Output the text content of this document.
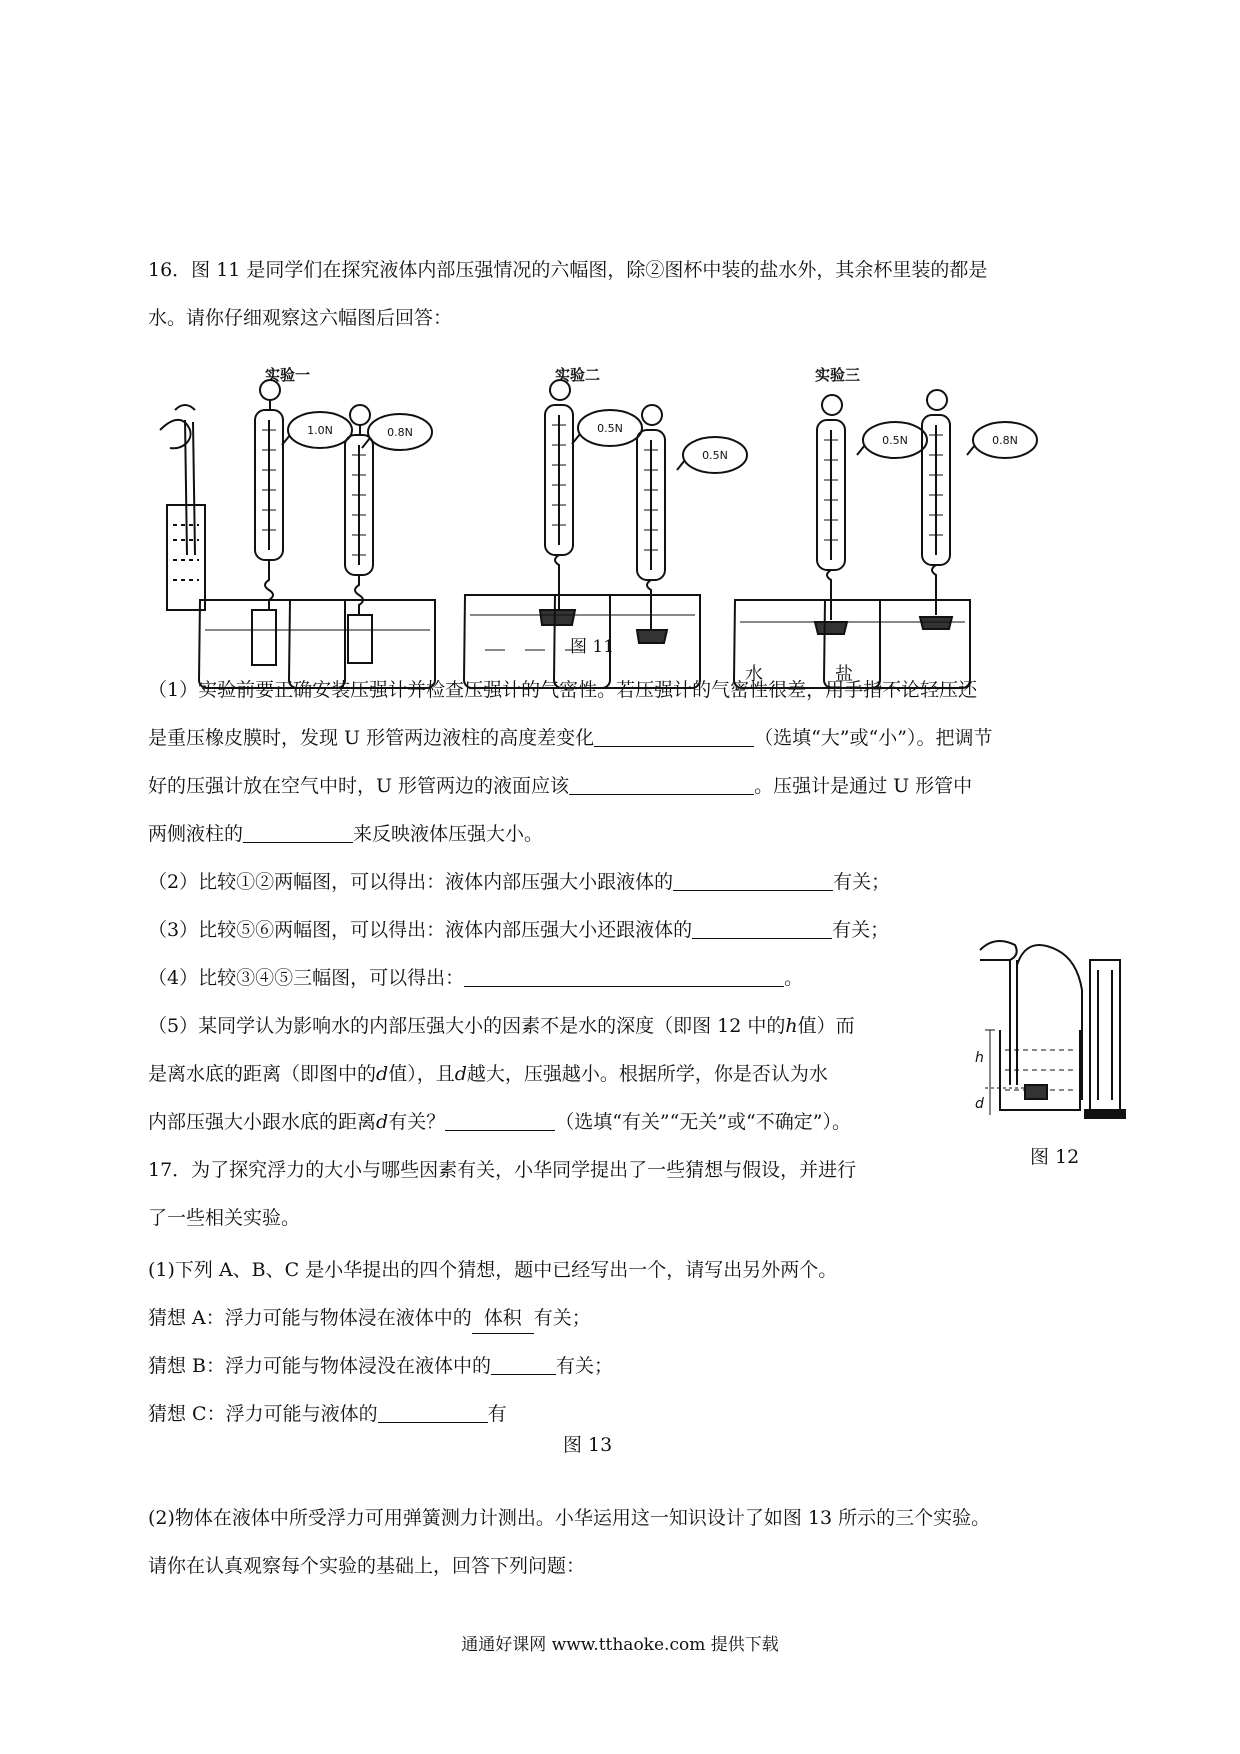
16．图 11 是同学们在探究液体内部压强情况的六幅图，除②图杯中装的盐水外，其余杯里装的都是
水。请你仔细观察这六幅图后回答：
实验一	实验二	实验三
1.0N	0.8N	0.5N
0.5N
0.5N	0.8N
水	盐
图 11
（1）实验前要正确安装压强计并检查压强计的气密性。若压强计的气密性很差，用手指不论轻压还
是重压橡皮膜时，发现 U 形管两边液柱的高度差变化	（选填“大”或“小”）。把调节
好的压强计放在空气中时，U 形管两边的液面应该	。压强计是通过 U 形管中
两侧液柱的	来反映液体压强大小。
（2）比较①②两幅图，可以得出：液体内部压强大小跟液体的	有关；
（3）比较⑤⑥两幅图，可以得出：液体内部压强大小还跟液体的	有关；
（4）比较③④⑤三幅图，可以得出：	。
（5）某同学认为影响水的内部压强大小的因素不是水的深度（即图 12 中的h值）而
是离水底的距离（即图中的d值），且d越大，压强越小。根据所学，你是否认为水
内部压强大小跟水底的距离d有关？	（选填“有关”“无关”或“不确定”）。
h
d
图 12
17．为了探究浮力的大小与哪些因素有关，小华同学提出了一些猜想与假设，并进行
了一些相关实验。
(1)下列 A、B、C 是小华提出的四个猜想，题中已经写出一个，请写出另外两个。
猜想 A：浮力可能与物体浸在液体中的 体积 有关；
猜想 B：浮力可能与物体浸没在液体中的	有关；
猜想 C：浮力可能与液体的	有
图 13
(2)物体在液体中所受浮力可用弹簧测力计测出。小华运用这一知识设计了如图 13 所示的三个实验。
请你在认真观察每个实验的基础上，回答下列问题：
通通好课网 www.tthaoke.com 提供下载
